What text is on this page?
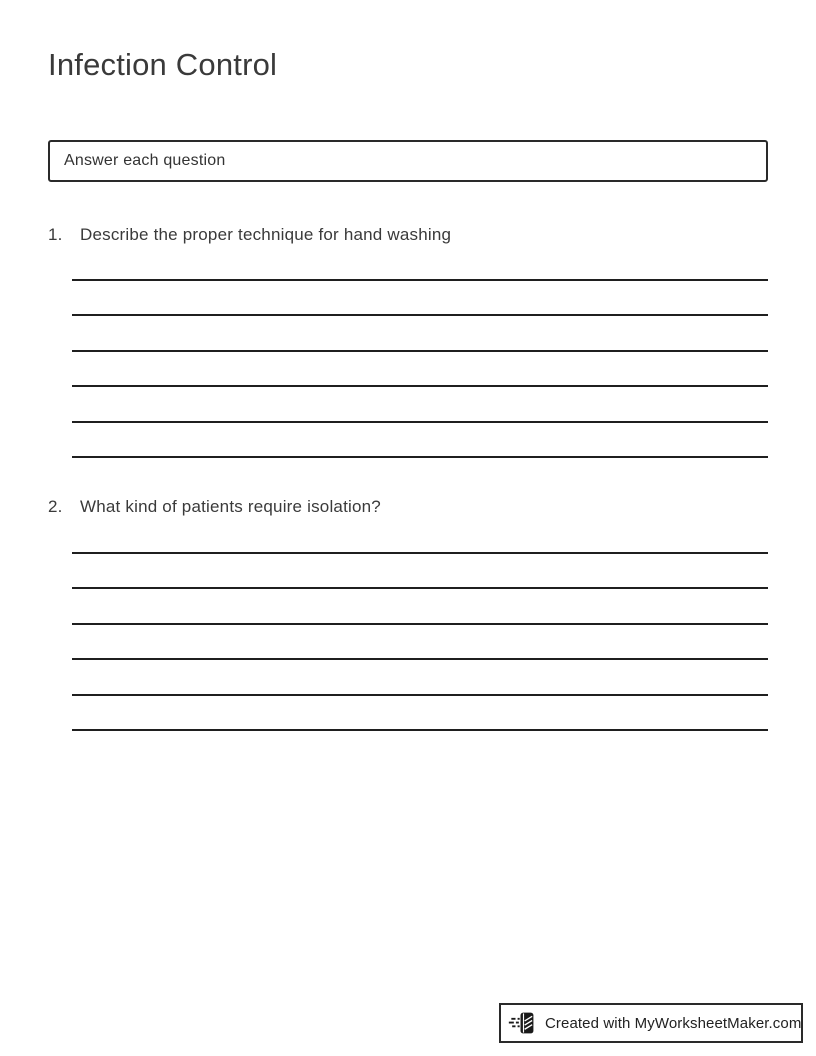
Infection Control
Answer each question
1.	Describe the proper technique for hand washing
2.	What kind of patients require isolation?
Created with MyWorksheetMaker.com
